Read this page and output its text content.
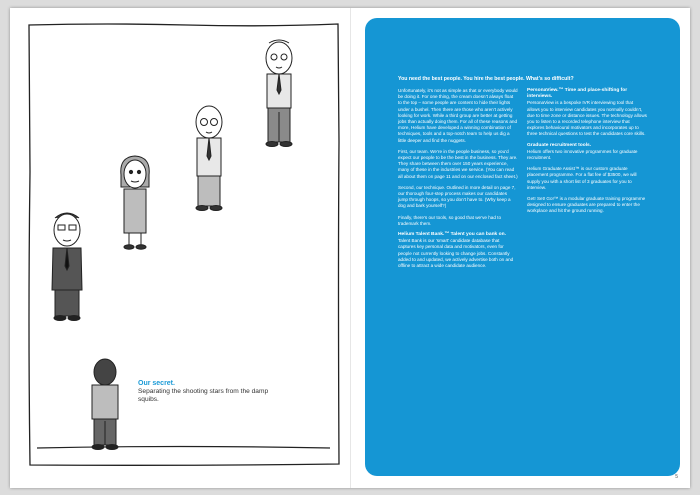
Our secret.
Separating the shooting stars from the damp squibs.
You need the best people. You hire the best people. What’s so difficult?

Unfortunately, it’s not as simple as that or everybody would be doing it. For one thing, the cream doesn’t always float to the top – some people are content to hide their lights under a bushel. Then there are those who aren’t actively looking for work. While a third group are better at getting jobs than actually doing them. For all of these reasons and more, Helium have developed a winning combination of techniques, tools and a top-notch team to help us dig a little deeper and find the nuggets.

First, our team. We’re in the people business, so you’d expect our people to be the best in the business. They are. They share between them over 150 years experience, many of these in the industries we service. (You can read all about them on page 11 and on our enclosed fact sheet.)

Second, our technique. Outlined in more detail on page 7, our thorough four-step process makes our candidates jump through hoops, so you don’t have to. (Why keep a dog and bark yourself?)

Finally, there’s our tools, so good that we’ve had to trademark them.

Helium Talent Bank.™ Talent you can bank on.

Talent Bank is our ‘smart’ candidate database that captures key personal data and motivators, even for people not currently looking to change jobs. Constantly added to and updated, we actively advertise both on and offline to attract a wide candidate audience.

PersonaView.™ Time and place-shifting for interviews.

PersonaView is a bespoke IVR interviewing tool that allows you to interview candidates you normally couldn’t, due to time zone or distance issues. The technology allows you to listen to a recorded telephone interview that explores behavioural motivators and incorporates up to three technical questions to test the candidates core skills.

Graduate recruitment tools.

Helium offers two innovative programmes for graduate recruitment.

Helium Graduate Assist™ is our custom graduate placement programme. For a flat fee of $3500, we will supply you with a short list of 3 graduates for you to interview.

Get! Set! Go!™ is a modular graduate training programme designed to ensure graduates are prepared to enter the workplace and hit the ground running.

5
